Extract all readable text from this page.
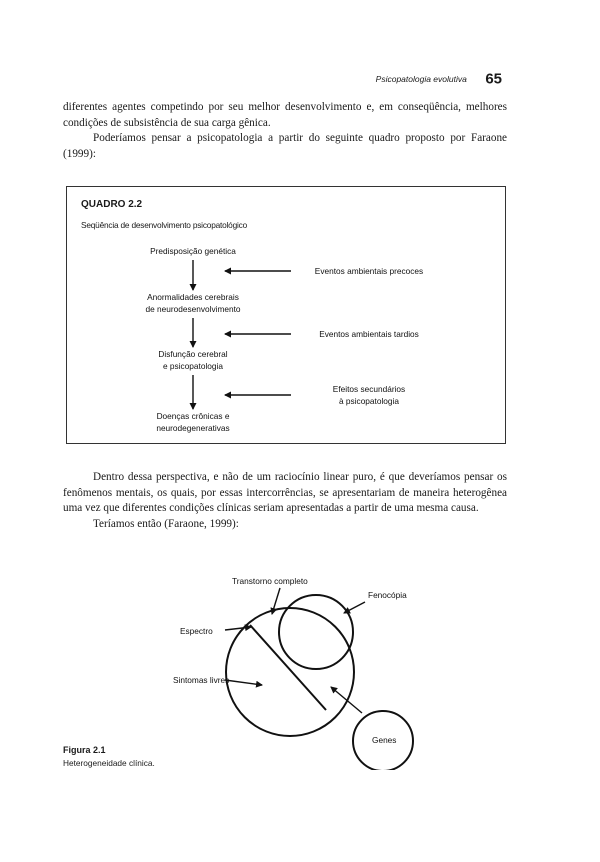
Psicopatologia evolutiva 65

diferentes agentes competindo por seu melhor desenvolvimento e, em conseqüência, melhores condições de subsistência de sua carga gênica.

Poderíamos pensar a psicopatologia a partir do seguinte quadro proposto por Faraone (1999):

QUADRO 2.2
Seqüência de desenvolvimento psicopatológico
Predisposição genética
Anormalidades cerebrais
de neurodesenvolvimento
Disfunção cerebral
e psicopatologia
Doenças crônicas e
neurodegenerativas
Eventos ambientais precoces
Eventos ambientais tardios
Efeitos secundários
à psicopatologia

Dentro dessa perspectiva, e não de um raciocínio linear puro, é que deveríamos pensar os fenômenos mentais, os quais, por essas intercorrências, se apresentariam de maneira heterogênea uma vez que diferentes condições clínicas seriam apresentadas a partir de uma mesma causa.

Teríamos então (Faraone, 1999):

Transtorno completo
Fenocópia
Espectro
Sintomas livres
Genes
Figura 2.1
Heterogeneidade clínica.
